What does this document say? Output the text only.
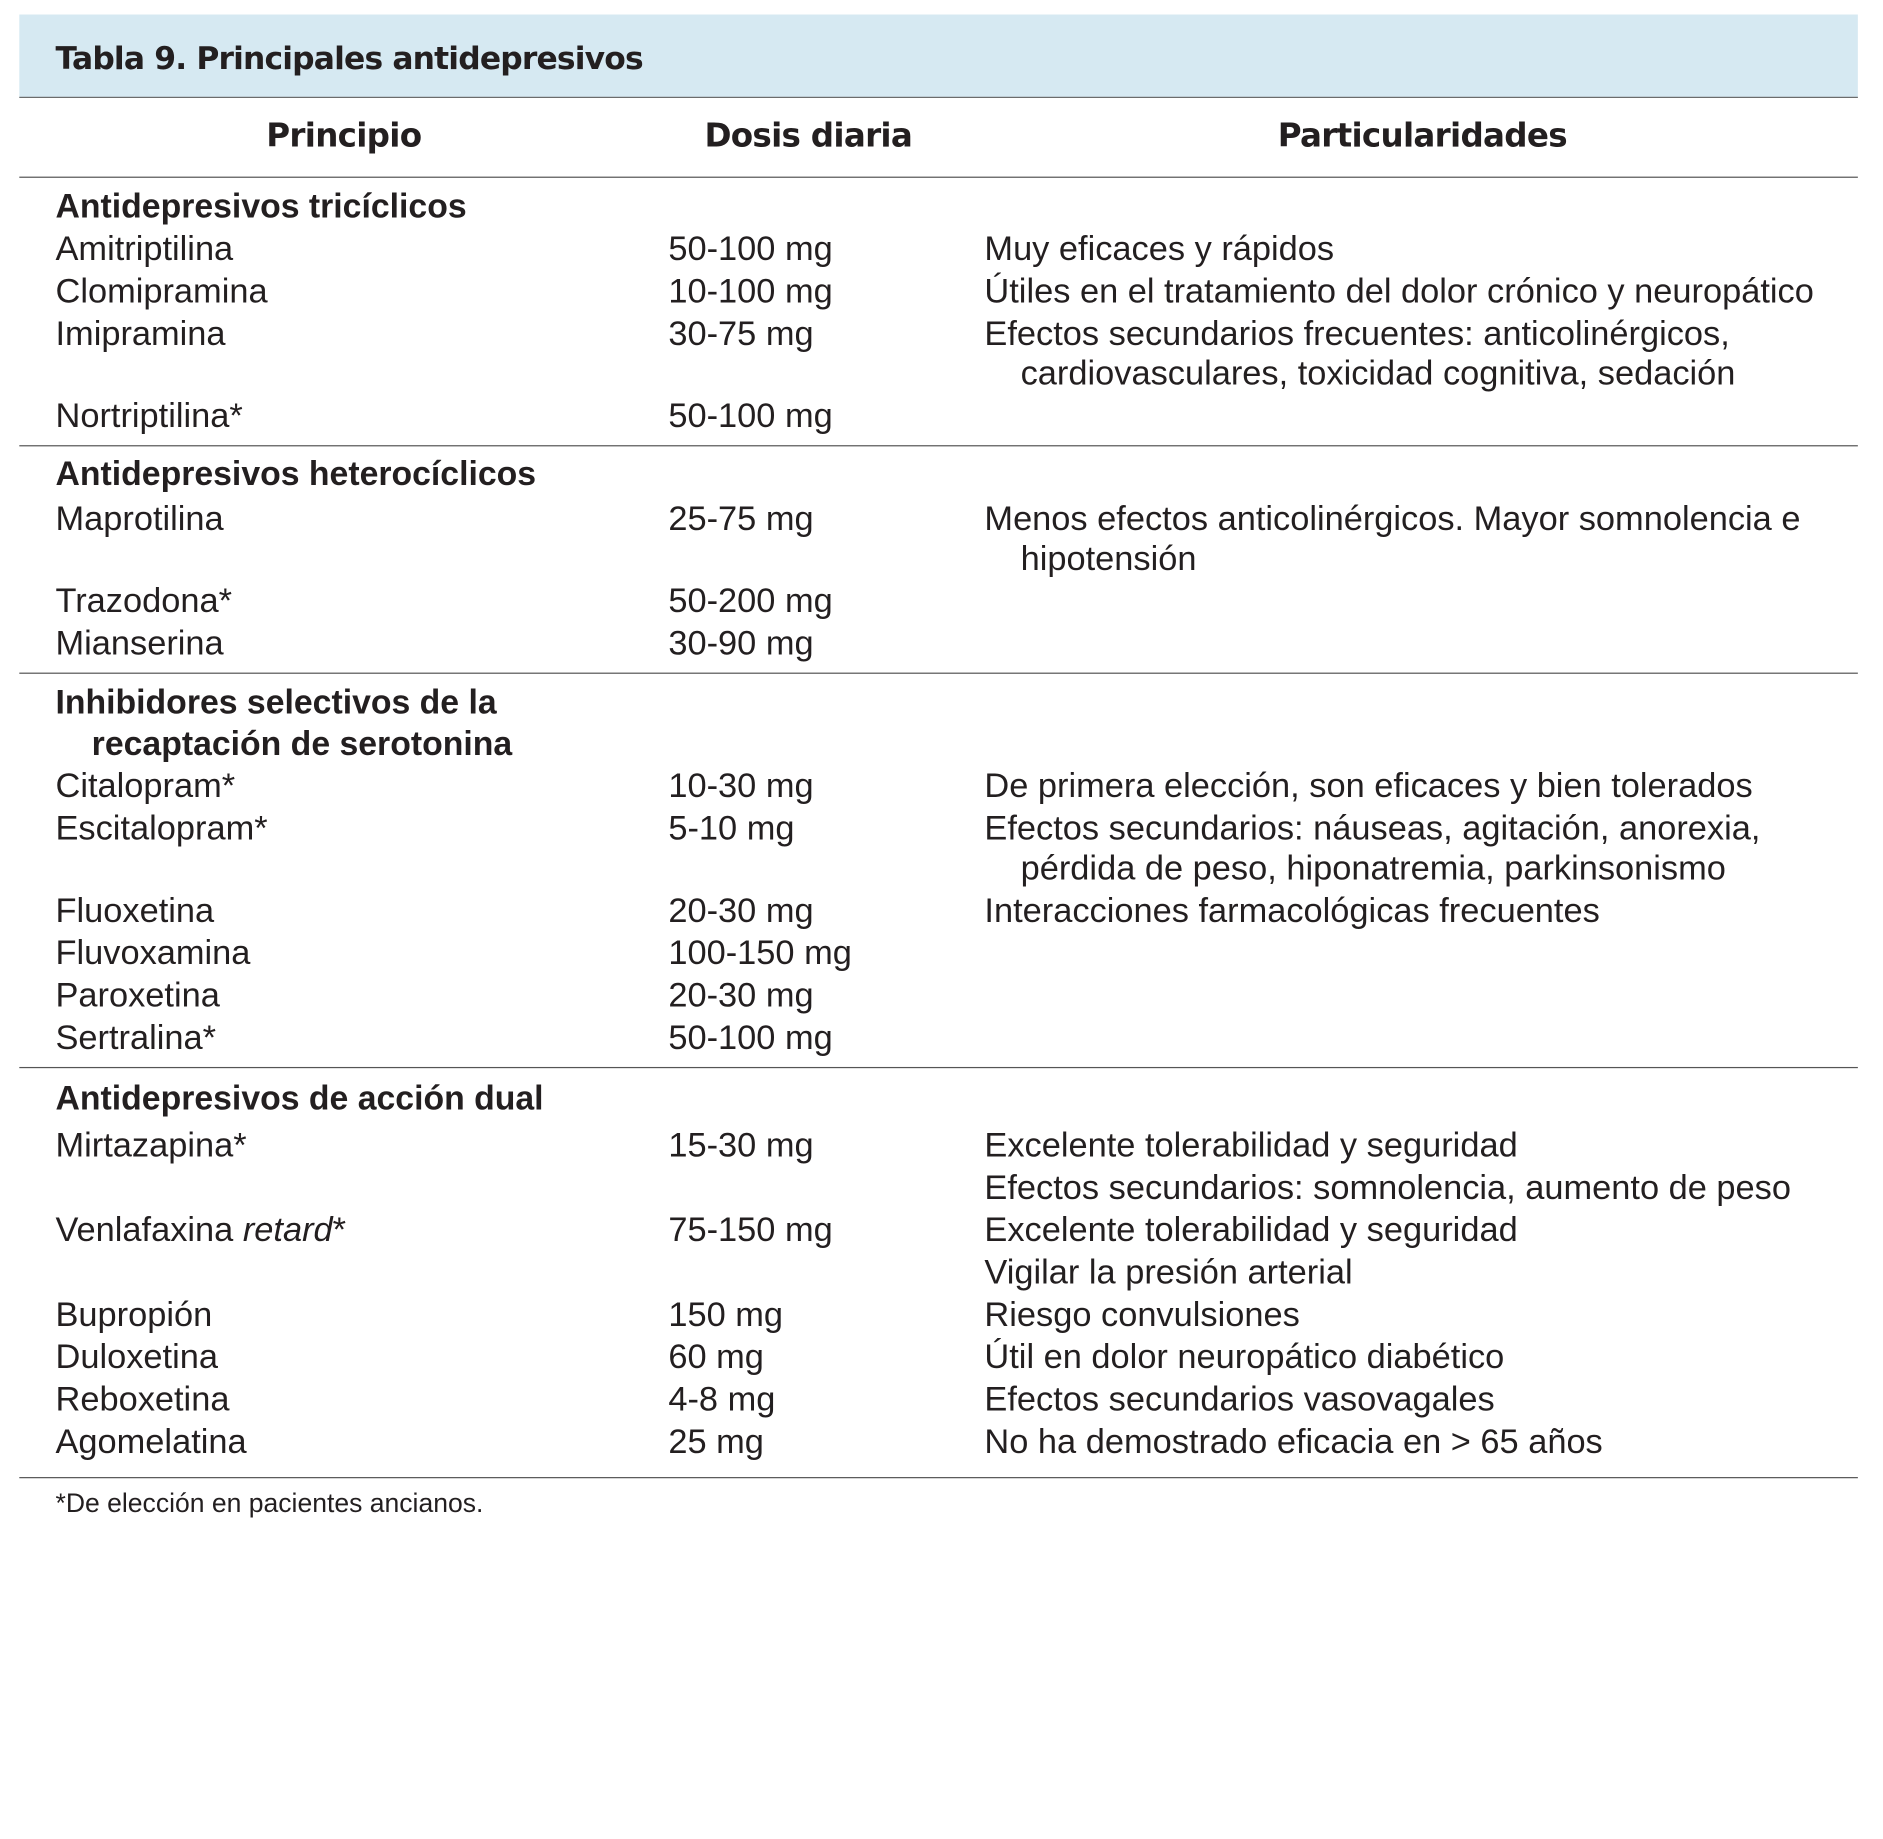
Tabla 9. Principales antidepresivos
Principio	Dosis diaria	Particularidades
Antidepresivos tricíclicos
Amitriptilina	50-100 mg	Muy eficaces y rápidos
Clomipramina	10-100 mg	Útiles en el tratamiento del dolor crónico y neuropático
Imipramina	30-75 mg	Efectos secundarios frecuentes: anticolinérgicos,
cardiovasculares, toxicidad cognitiva, sedación
Nortriptilina*	50-100 mg
Antidepresivos heterocíclicos
Maprotilina	25-75 mg	Menos efectos anticolinérgicos. Mayor somnolencia e
hipotensión
Trazodona*	50-200 mg
Mianserina	30-90 mg
Inhibidores selectivos de la
recaptación de serotonina
Citalopram*	10-30 mg	De primera elección, son eficaces y bien tolerados
Escitalopram*	5-10 mg	Efectos secundarios: náuseas, agitación, anorexia,
pérdida de peso, hiponatremia, parkinsonismo
Fluoxetina	20-30 mg	Interacciones farmacológicas frecuentes
Fluvoxamina	100-150 mg
Paroxetina	20-30 mg
Sertralina*	50-100 mg
Antidepresivos de acción dual
Mirtazapina*	15-30 mg	Excelente tolerabilidad y seguridad
Efectos secundarios: somnolencia, aumento de peso
Venlafaxina retard*	75-150 mg	Excelente tolerabilidad y seguridad
Vigilar la presión arterial
Bupropión	150 mg	Riesgo convulsiones
Duloxetina	60 mg	Útil en dolor neuropático diabético
Reboxetina	4-8 mg	Efectos secundarios vasovagales
Agomelatina	25 mg	No ha demostrado eficacia en > 65 años
*De elección en pacientes ancianos.
